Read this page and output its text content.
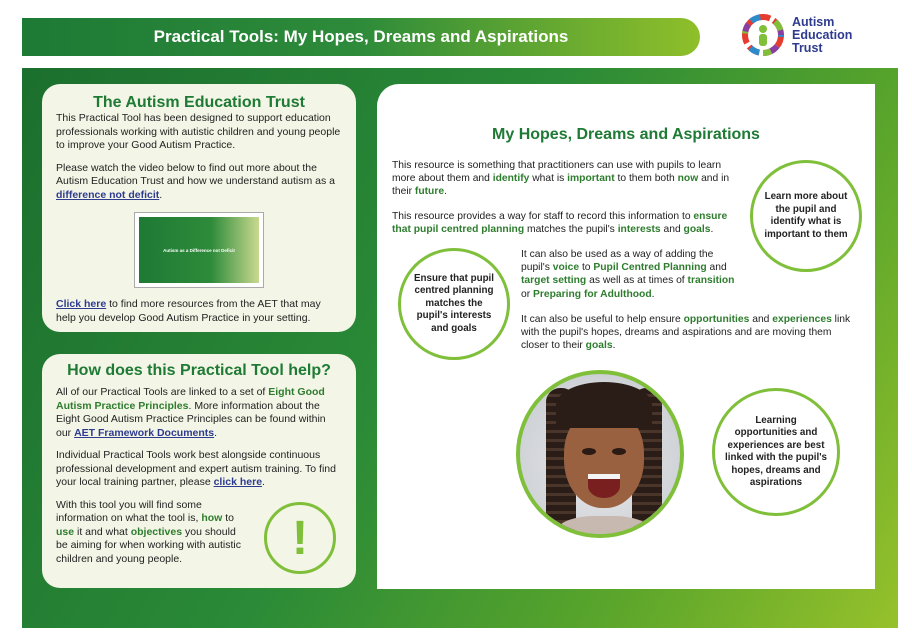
Practical Tools: My Hopes, Dreams and Aspirations
Autism
Education
Trust
The Autism Education Trust

This Practical Tool has been designed to support education professionals working with autistic children and young people to improve your Good Autism Practice.

Please watch the video below to find out more about the Autism Education Trust and how we understand autism as a difference not deficit.

Autism as a Difference not Deficit

Click here to find more resources from the AET that may help you develop Good Autism Practice in your setting.

How does this Practical Tool help?

All of our Practical Tools are linked to a set of Eight Good Autism Practice Principles. More information about the Eight Good Autism Practice Principles can be found within our AET Framework Documents.

Individual Practical Tools work best alongside continuous professional development and expert autism training. To find your local training partner, please click here.

With this tool you will find some information on what the tool is, how to use it and what objectives you should be aiming for when working with autistic children and young people.	!
My Hopes, Dreams and Aspirations

This resource is something that practitioners can use with pupils to learn more about them and identify what is important to them both now and in their future.

This resource provides a way for staff to record this information to ensure that pupil centred planning matches the pupil's interests and goals.

It can also be used as a way of adding the pupil's voice to Pupil Centred Planning and target setting as well as at times of transition or Preparing for Adulthood.

It can also be useful to help ensure opportunities and experiences link with the pupil's hopes, dreams and aspirations and are moving them closer to their goals.

Learn more about the pupil and identify what is important to them
Ensure that pupil centred planning matches the pupil's interests and goals
Learning opportunities and experiences are best linked with the pupil's hopes, dreams and aspirations
